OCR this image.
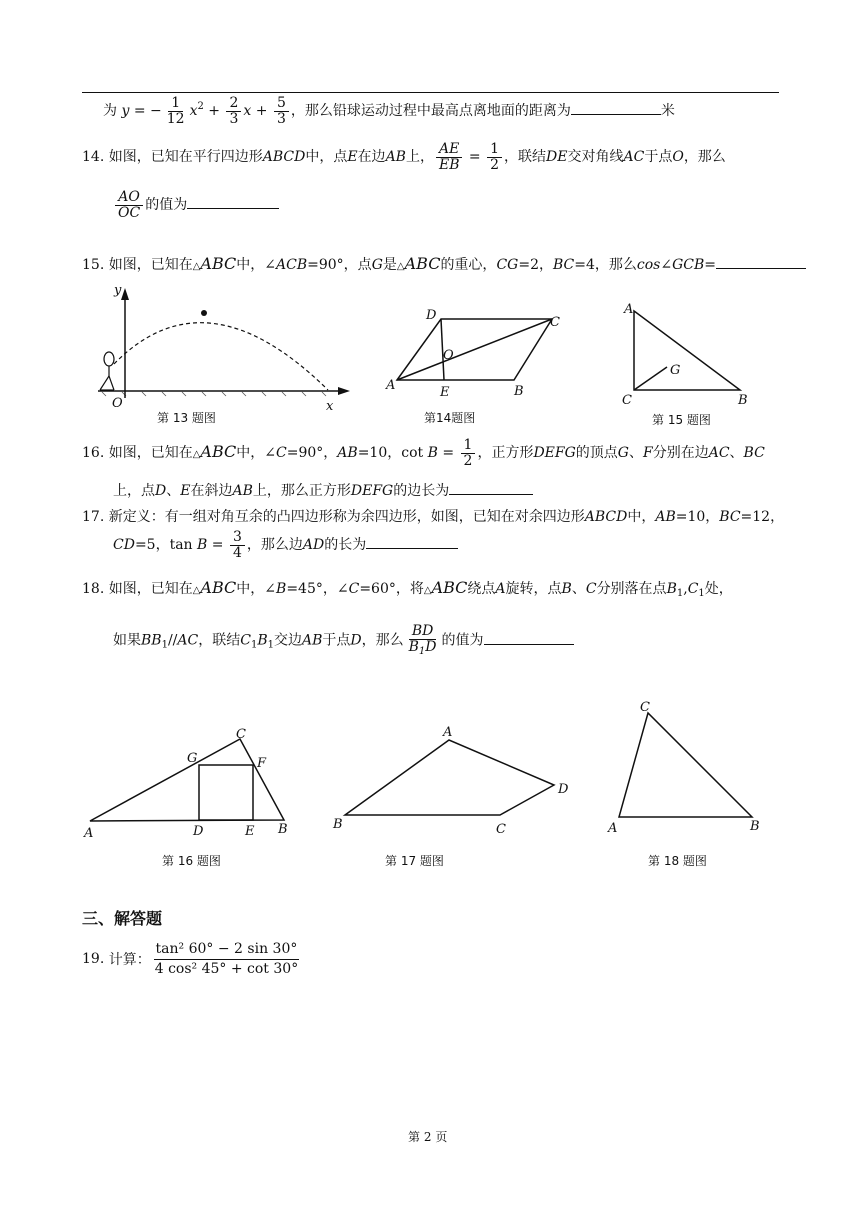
为 y = − $\frac{1}{12} x^2 + \frac{2}{3}$ $x + \frac{5}{3}$ ，那么铅球运动过程中最高点离地面的距离为	米
14. 如图，已知在平行四边形ABCD中，点E在边AB上， $\frac{AE}{EB} = \frac{1}{2}$ ，联结DE交对角线AC于点O，那么
$\frac{AO}{OC}$ 的值为
15. 如图，已知在△ABC中，∠ACB=90°，点G是△ABC的重心，CG=2，BC=4，那么cos∠GCB=
y
O	x
第 13 题图
D	C
O
A	E	B
第14题图
A
G
C	B
第 15 题图
16. 如图，已知在△ABC中，∠C=90°，AB=10，$\cot B = \frac{1}{2}$ ，正方形DEFG的顶点G、F分别在边AC、BC
上，点D、E在斜边AB上，那么正方形DEFG的边长为
17. 新定义：有一组对角互余的凸四边形称为余四边形，如图，已知在对余四边形ABCD中，AB=10，BC=12，
CD=5，$\tan B = \frac{3}{4}$ ，那么边AD的长为
18. 如图，已知在△ABC中，∠B=45°，∠C=60°，将△ABC绕点A旋转，点B、C分别落在点$B_1,C_1$处，
如果$BB_1//AC$，联结$C_1B_1$交边AB于点D，那么 $\frac{BD}{B_1D}$ 的值为
C
G	F
A	D	E B
第 16 题图
A
D
B	C
第 17 题图
C
A	B
第 18 题图
三、解答题
19. 计算： $\frac{\text{tan² 60° − 2 sin 30°}}{\text{4 cos² 45° + cot 30°}}$
第 2 页
